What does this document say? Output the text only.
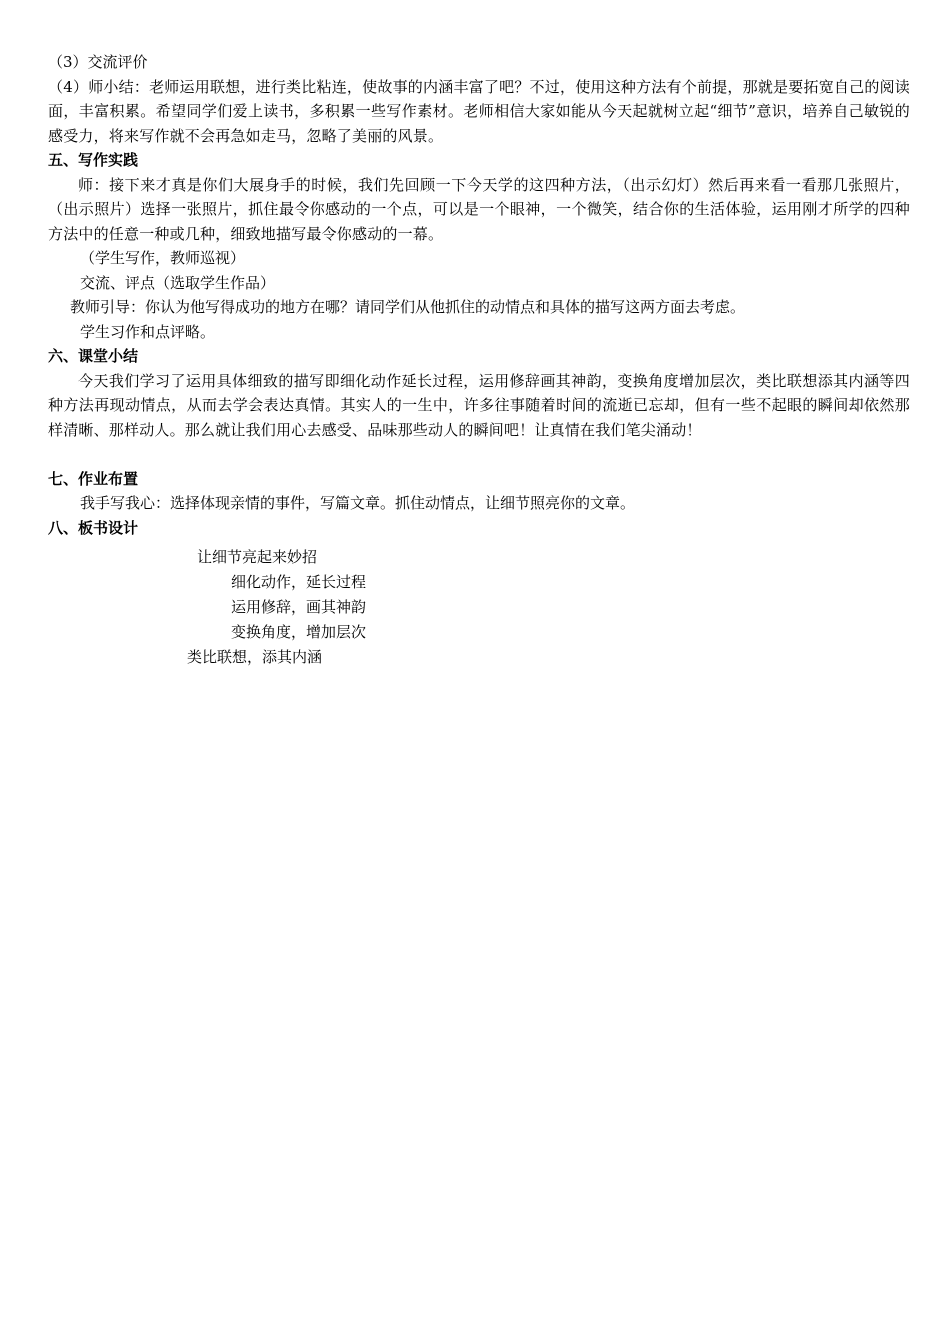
（3）交流评价
（4）师小结：老师运用联想，进行类比粘连，使故事的内涵丰富了吧？不过，使用这种方法有个前提，那就是要拓宽自己的阅读面，丰富积累。希望同学们爱上读书，多积累一些写作素材。老师相信大家如能从今天起就树立起“细节”意识，培养自己敏锐的感受力，将来写作就不会再急如走马，忽略了美丽的风景。
五、写作实践
师：接下来才真是你们大展身手的时候，我们先回顾一下今天学的这四种方法，（出示幻灯）然后再来看一看那几张照片，（出示照片）选择一张照片，抓住最令你感动的一个点，可以是一个眼神，一个微笑，结合你的生活体验，运用刚才所学的四种方法中的任意一种或几种，细致地描写最令你感动的一幕。
（学生写作，教师巡视）
交流、评点（选取学生作品）
教师引导：你认为他写得成功的地方在哪？请同学们从他抓住的动情点和具体的描写这两方面去考虑。
学生习作和点评略。
六、课堂小结
今天我们学习了运用具体细致的描写即细化动作延长过程，运用修辞画其神韵，变换角度增加层次，类比联想添其内涵等四种方法再现动情点，从而去学会表达真情。其实人的一生中，许多往事随着时间的流逝已忘却，但有一些不起眼的瞬间却依然那样清晰、那样动人。那么就让我们用心去感受、品味那些动人的瞬间吧！让真情在我们笔尖涌动！
七、作业布置
我手写我心：选择体现亲情的事件，写篇文章。抓住动情点，让细节照亮你的文章。
八、板书设计
让细节亮起来妙招
细化动作，延长过程
运用修辞，画其神韵
变换角度，增加层次
类比联想，添其内涵
